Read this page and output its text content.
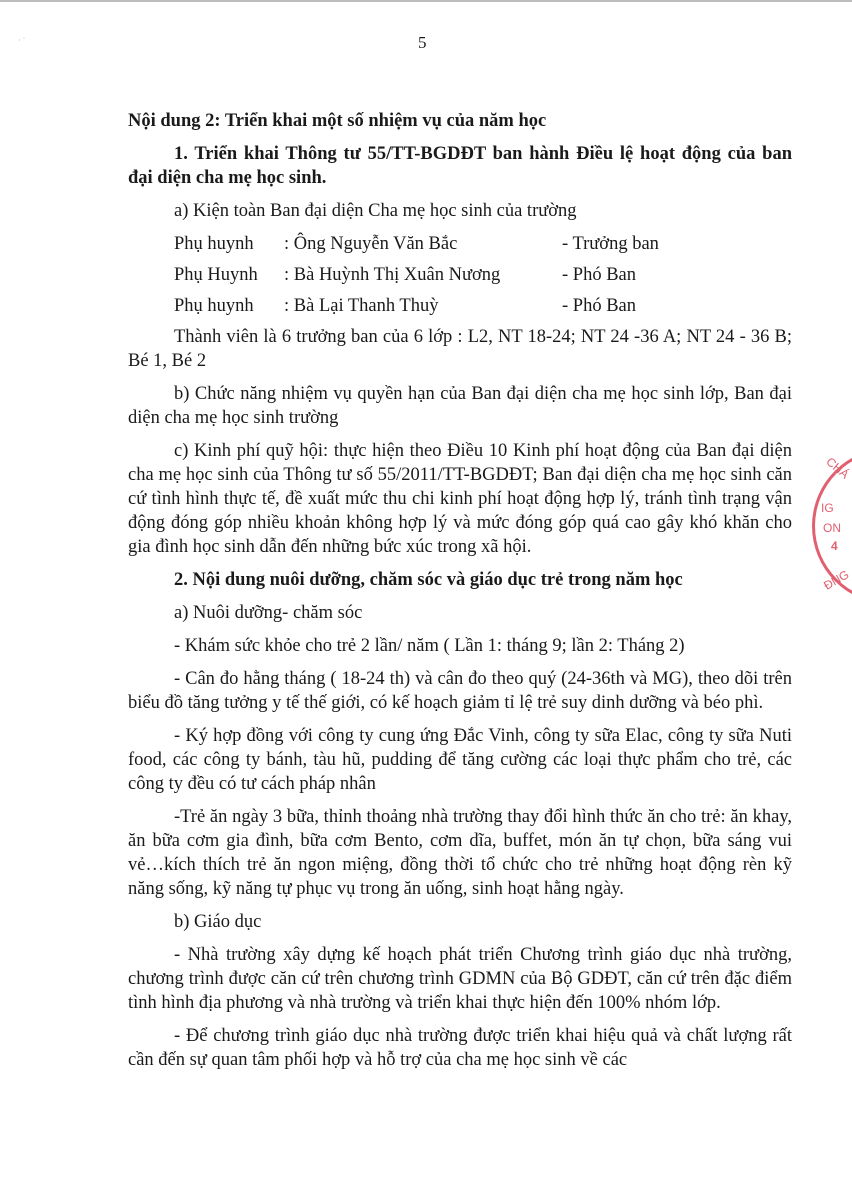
· ˙	5

Nội dung 2: Triển khai một số nhiệm vụ của năm học

1. Triển khai Thông tư 55/TT-BGDĐT ban hành Điều lệ hoạt động của ban đại diện cha mẹ học sinh.

a) Kiện toàn Ban đại diện Cha mẹ học sinh của trường

Phụ huynh	: Ông Nguyễn Văn Bắc	- Trưởng ban
Phụ Huynh	: Bà Huỳnh Thị Xuân Nương	- Phó Ban
Phụ huynh	: Bà Lại Thanh Thuỳ	- Phó Ban

Thành viên là 6 trưởng ban của 6 lớp : L2, NT 18-24; NT 24 -36 A; NT 24 - 36 B; Bé 1, Bé 2

b) Chức năng nhiệm vụ quyền hạn của Ban đại diện cha mẹ học sinh lớp, Ban đại diện cha mẹ học sinh trường

c) Kinh phí quỹ hội: thực hiện theo Điều 10 Kinh phí hoạt động của Ban đại diện cha mẹ học sinh của Thông tư số 55/2011/TT-BGDĐT; Ban đại diện cha mẹ học sinh căn cứ tình hình thực tế, đề xuất mức thu chi kinh phí hoạt động hợp lý, tránh tình trạng vận động đóng góp nhiều khoản không hợp lý và mức đóng góp quá cao gây khó khăn cho gia đình học sinh dẫn đến những bức xúc trong xã hội.

2. Nội dung nuôi dưỡng, chăm sóc và giáo dục trẻ trong năm học

a) Nuôi dưỡng- chăm sóc

- Khám sức khỏe cho trẻ 2 lần/ năm ( Lần 1: tháng 9; lần 2: Tháng 2)

- Cân đo hằng tháng ( 18-24 th) và cân đo theo quý (24-36th và MG), theo dõi trên biểu đồ tăng tưởng y tế thế giới, có kế hoạch giảm tỉ lệ trẻ suy dinh dưỡng và béo phì.

- Ký hợp đồng với công ty cung ứng Đắc Vinh, công ty sữa Elac, công ty sữa Nuti food, các công ty bánh, tàu hũ, pudding để tăng cường các loại thực phẩm cho trẻ, các công ty đều có tư cách pháp nhân

-Trẻ ăn ngày 3 bữa, thỉnh thoảng nhà trường thay đổi hình thức ăn cho trẻ: ăn khay, ăn bữa cơm gia đình, bữa cơm Bento, cơm dĩa, buffet, món ăn tự chọn, bữa sáng vui vẻ…kích thích trẻ ăn ngon miệng, đồng thời tổ chức cho trẻ những hoạt động rèn kỹ năng sống, kỹ năng tự phục vụ trong ăn uống, sinh hoạt hằng ngày.

b) Giáo dục

- Nhà trường xây dựng kế hoạch phát triển Chương trình giáo dục nhà trường, chương trình được căn cứ trên chương trình GDMN của Bộ GDĐT, căn cứ trên đặc điểm tình hình địa phương và nhà trường và triển khai thực hiện đến 100% nhóm lớp.

- Để chương trình giáo dục nhà trường được triển khai hiệu quả và chất lượng rất cần đến sự quan tâm phối hợp và hỗ trợ của cha mẹ học sinh về các

CHÁ
IG
ON
4
ĐNG
